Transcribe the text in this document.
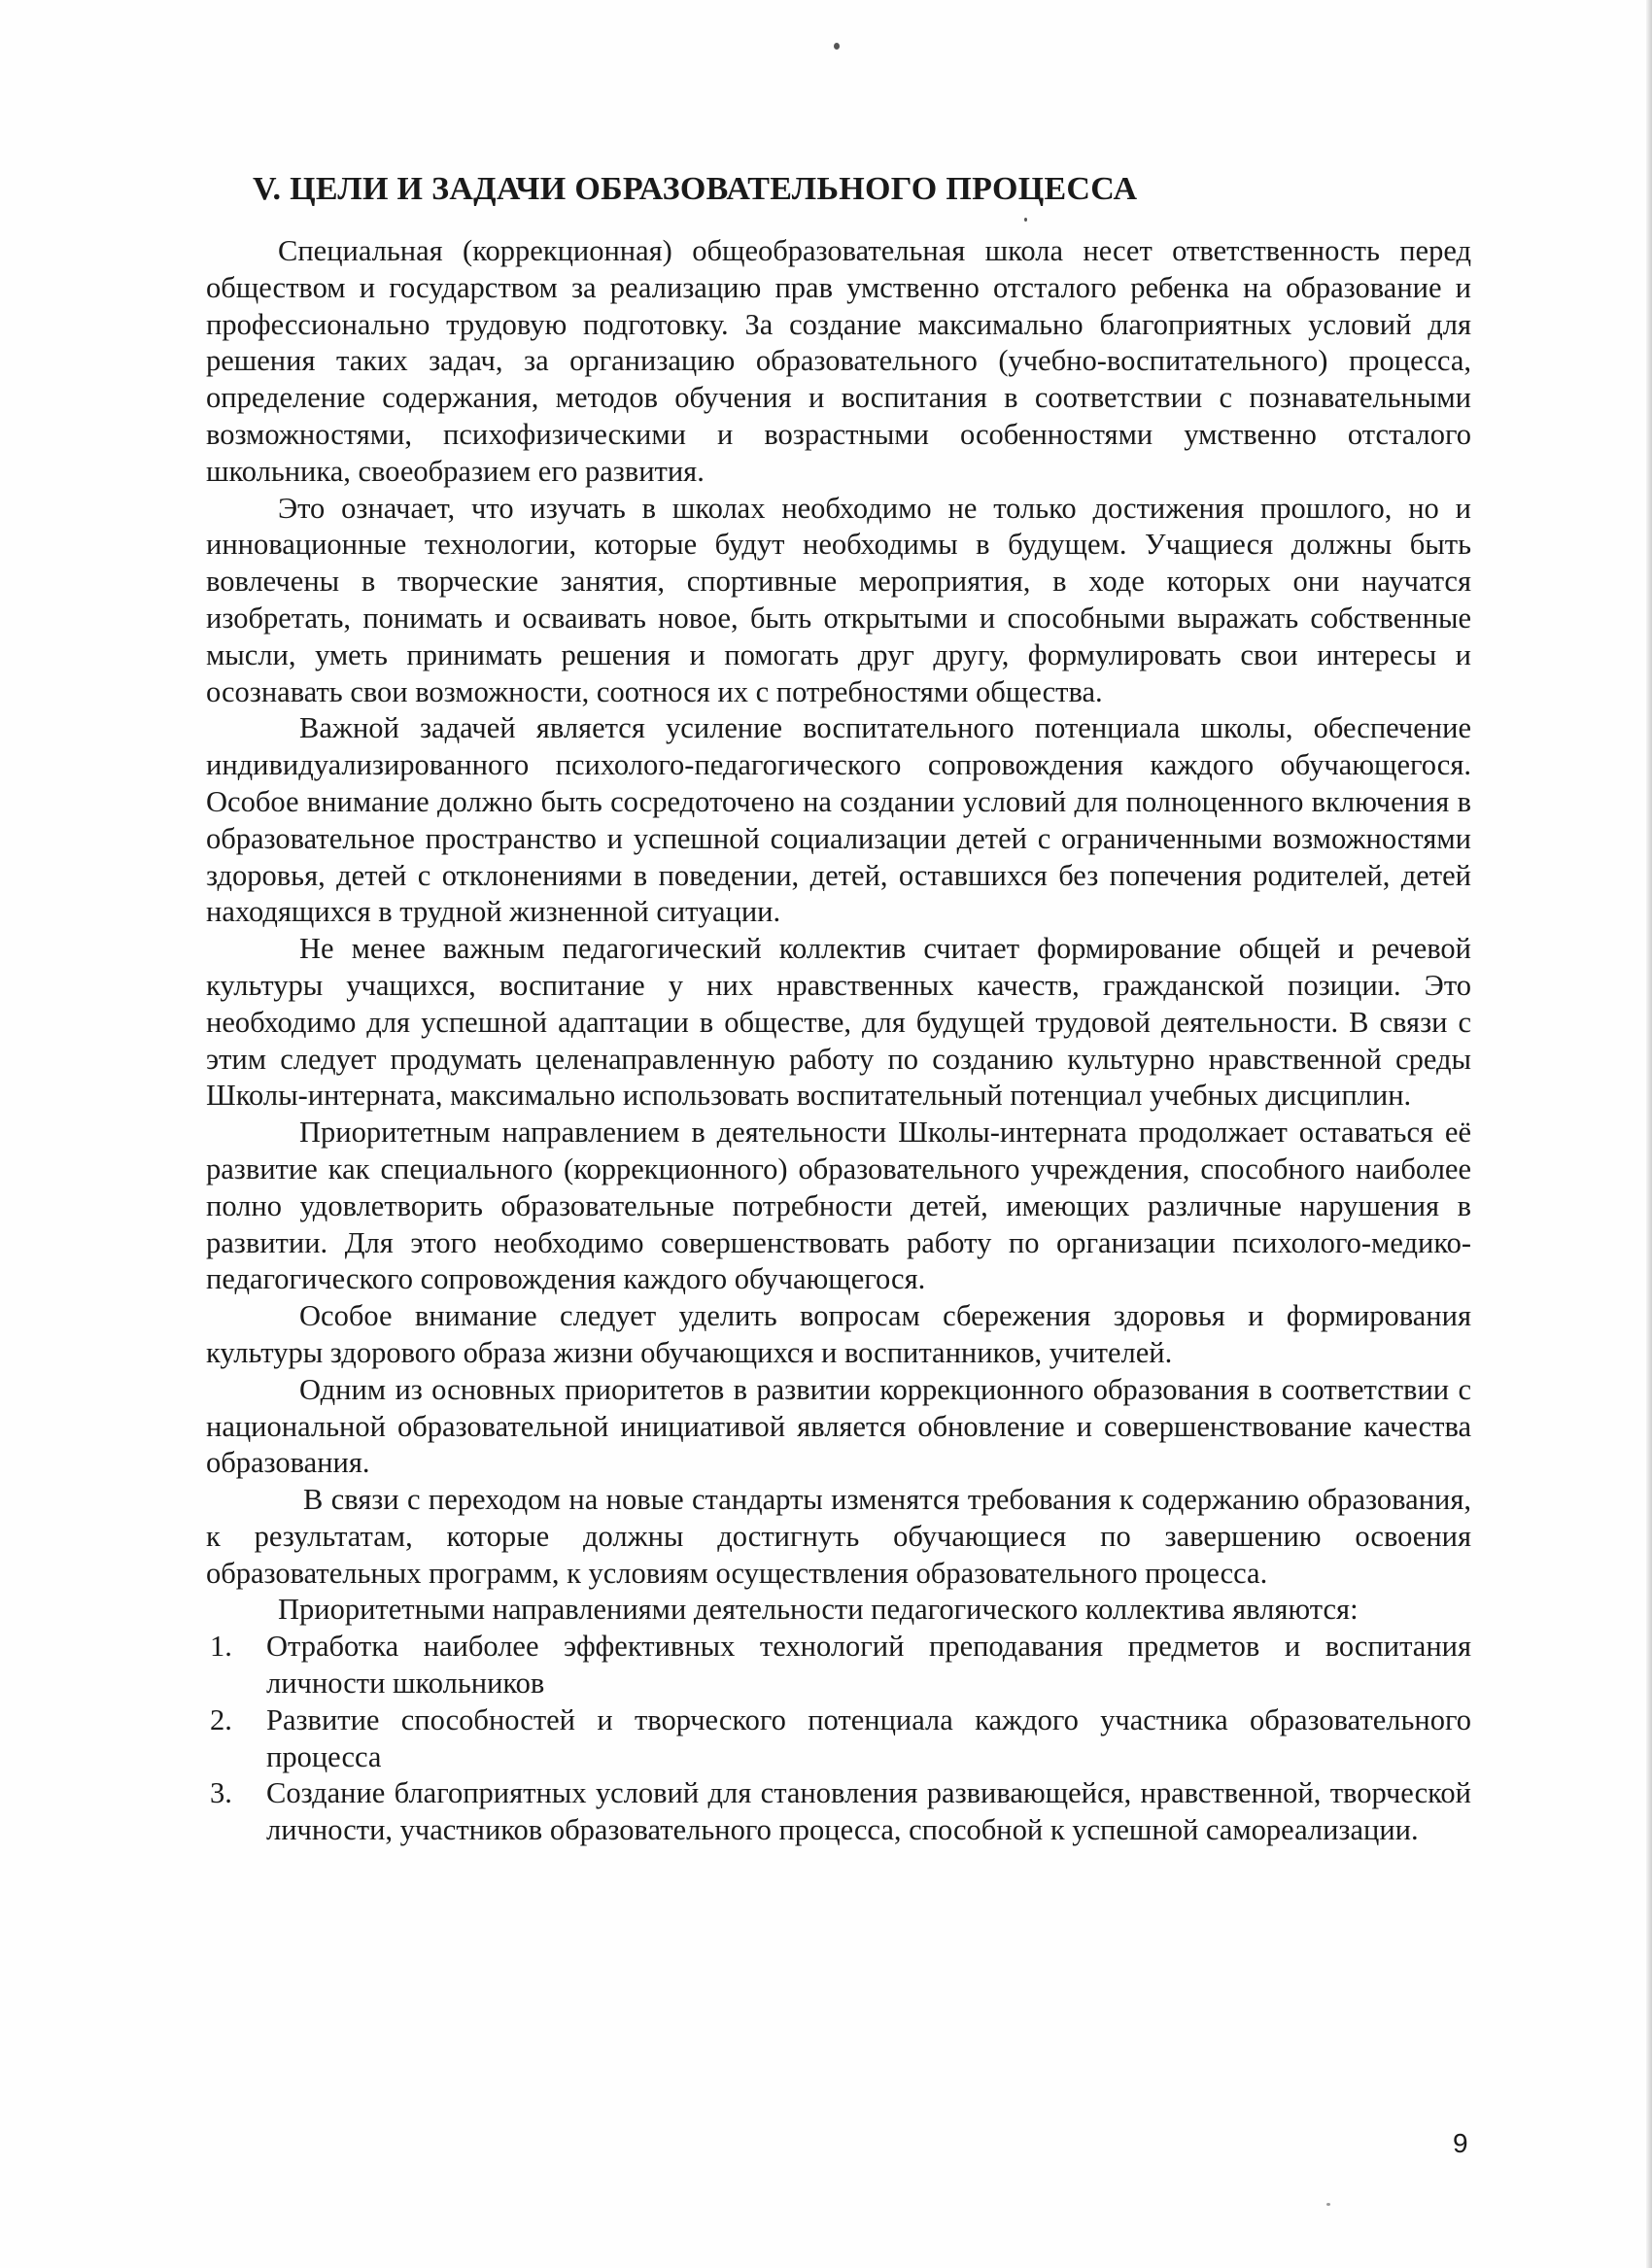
V. ЦЕЛИ И ЗАДАЧИ ОБРАЗОВАТЕЛЬНОГО ПРОЦЕССА

Специальная (коррекционная) общеобразовательная школа несет ответственность перед обществом и государством за реализацию прав умственно отсталого ребенка на образование и профессионально трудовую подготовку. За создание максимально благоприятных условий для решения таких задач, за организацию образовательного (учебно-воспитательного) процесса, определение содержания, методов обучения и воспитания в соответствии с познавательными возможностями, психофизическими и возрастными особенностями умственно отсталого школьника, своеобразием его развития.

Это означает, что изучать в школах необходимо не только достижения прошлого, но и инновационные технологии, которые будут необходимы в будущем. Учащиеся должны быть вовлечены в творческие занятия, спортивные мероприятия, в ходе которых они научатся изобретать, понимать и осваивать новое, быть открытыми и способными выражать собственные мысли, уметь принимать решения и помогать друг другу, формулировать свои интересы и осознавать свои возможности, соотнося их с потребностями общества.

Важной задачей является усиление воспитательного потенциала школы, обеспечение индивидуализированного психолого-педагогического сопровождения каждого обучающегося. Особое внимание должно быть сосредоточено на создании условий для полноценного включения в образовательное пространство и успешной социализации детей с ограниченными возможностями здоровья, детей с отклонениями в поведении, детей, оставшихся без попечения родителей, детей находящихся в трудной жизненной ситуации.

Не менее важным педагогический коллектив считает формирование общей и речевой культуры учащихся, воспитание у них нравственных качеств, гражданской позиции. Это необходимо для успешной адаптации в обществе, для будущей трудовой деятельности. В связи с этим следует продумать целенаправленную работу по созданию культурно нравственной среды Школы-интерната, максимально использовать воспитательный потенциал учебных дисциплин.

Приоритетным направлением в деятельности Школы-интерната продолжает оставаться её развитие как специального (коррекционного) образовательного учреждения, способного наиболее полно удовлетворить образовательные потребности детей, имеющих различные нарушения в развитии. Для этого необходимо совершенствовать работу по организации психолого-медико-педагогического сопровождения каждого обучающегося.

Особое внимание следует уделить вопросам сбережения здоровья и формирования культуры здорового образа жизни обучающихся и воспитанников, учителей.

Одним из основных приоритетов в развитии коррекционного образования в соответствии с национальной образовательной инициативой является обновление и совершенствование качества образования.

В связи с переходом на новые стандарты изменятся требования к содержанию образования, к результатам, которые должны достигнуть обучающиеся по завершению освоения образовательных программ, к условиям осуществления образовательного процесса.

Приоритетными направлениями деятельности педагогического коллектива являются:

1. Отработка наиболее эффективных технологий преподавания предметов и воспитания личности школьников
2. Развитие способностей и творческого потенциала каждого участника образовательного процесса
3. Создание благоприятных условий для становления развивающейся, нравственной, творческой личности, участников образовательного процесса, способной к успешной самореализации.
9
